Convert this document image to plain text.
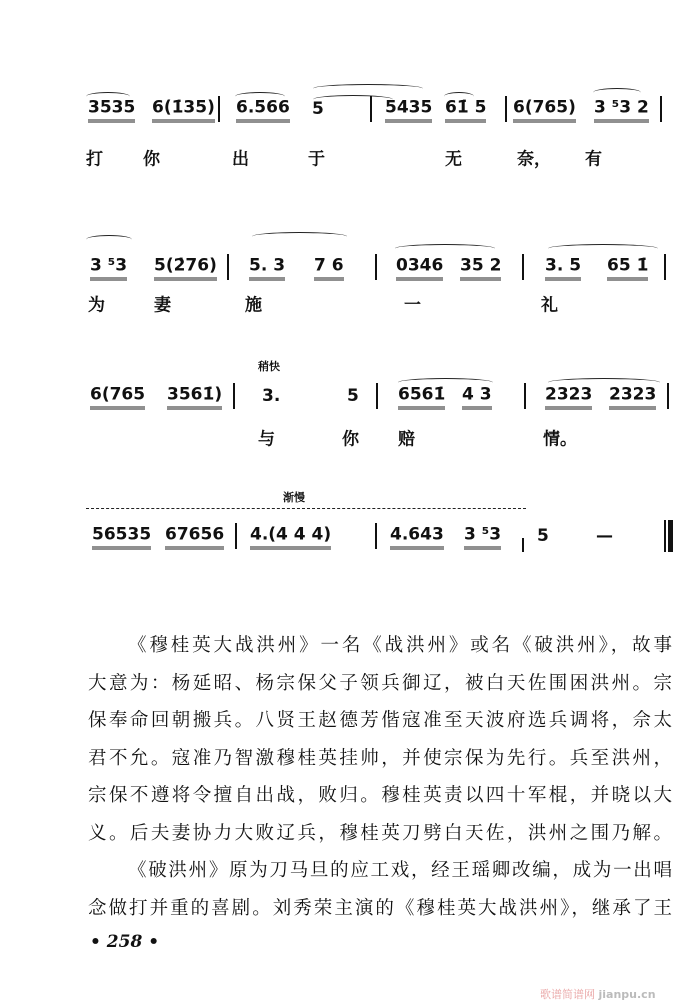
3535 6(1̇35) 6.566 5	5435 61̇ 5 6(765) 3 ⁵3 2
打 你	出	于	无	奈， 有
3 ⁵3 5(2̇76) 5. 3 7 6	0346 35 2	3. 5 65 1̇
为	妻	施	一	礼
稍快
6(765 3561̇) 3.	5 6561̇ 4 3	2323 2323
与	你 赔	情。
渐慢
56535 67656 4.(4 4 4)	4.643 3 ⁵3 5	—
《穆桂英大战洪州》一名《战洪州》或名《破洪州》，故事
大意为：杨延昭、杨宗保父子领兵御辽，被白天佐围困洪州。宗
保奉命回朝搬兵。八贤王赵德芳偕寇准至天波府选兵调将，佘太
君不允。寇准乃智激穆桂英挂帅，并使宗保为先行。兵至洪州，
宗保不遵将令擅自出战，败归。穆桂英责以四十军棍，并晓以大
义。后夫妻协力大败辽兵，穆桂英刀劈白天佐，洪州之围乃解。
《破洪州》原为刀马旦的应工戏，经王瑶卿改编，成为一出唱
念做打并重的喜剧。刘秀荣主演的《穆桂英大战洪州》，继承了王
• 258 •
歌谱简谱网 jianpu.cn
